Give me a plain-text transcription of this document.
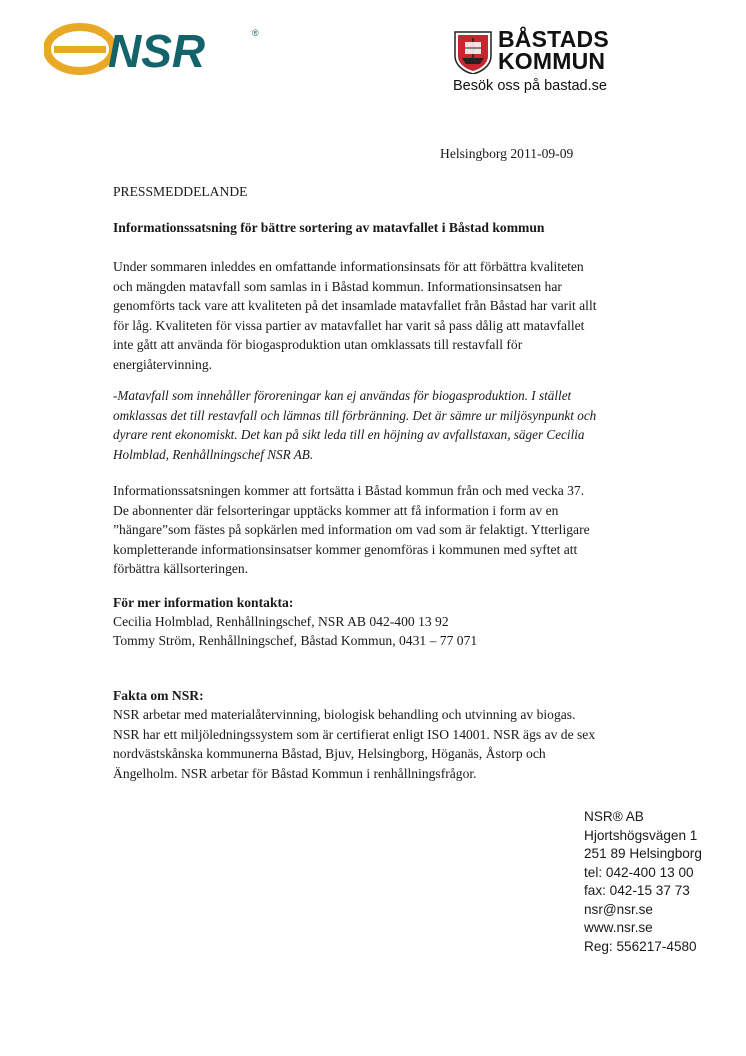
NSR	®	BÅSTADS
KOMMUN
Besök oss på bastad.se
Helsingborg 2011-09-09
PRESSMEDDELANDE
Informationssatsning för bättre sortering av matavfallet i Båstad kommun

Under sommaren inleddes en omfattande informationsinsats för att förbättra kvaliteten och mängden matavfall som samlas in i Båstad kommun. Informationsinsatsen har genomförts tack vare att kvaliteten på det insamlade matavfallet från Båstad har varit allt för låg. Kvaliteten för vissa partier av matavfallet har varit så pass dålig att matavfallet inte gått att använda för biogasproduktion utan omklassats till restavfall för energiåtervinning.

-Matavfall som innehåller föroreningar kan ej användas för biogasproduktion. I stället omklassas det till restavfall och lämnas till förbränning. Det är sämre ur miljösynpunkt och dyrare rent ekonomiskt. Det kan på sikt leda till en höjning av avfallstaxan, säger Cecilia Holmblad, Renhållningschef NSR AB.

Informationssatsningen kommer att fortsätta i Båstad kommun från och med vecka 37. De abonnenter där felsorteringar upptäcks kommer att få information i form av en ”hängare”som fästes på sopkärlen med information om vad som är felaktigt. Ytterligare kompletterande informationsinsatser kommer genomföras i kommunen med syftet att förbättra källsorteringen.

För mer information kontakta:
Cecilia Holmblad, Renhållningschef, NSR AB 042-400 13 92
Tommy Ström, Renhållningschef, Båstad Kommun, 0431 – 77 071
Fakta om NSR:

NSR arbetar med materialåtervinning, biologisk behandling och utvinning av biogas. NSR har ett miljöledningssystem som är certifierat enligt ISO 14001. NSR ägs av de sex nordvästskånska kommunerna Båstad, Bjuv, Helsingborg, Höganäs, Åstorp och Ängelholm. NSR arbetar för Båstad Kommun i renhållningsfrågor.

NSR® AB
Hjortshögsvägen 1
251 89 Helsingborg
tel: 042-400 13 00
fax: 042-15 37 73
nsr@nsr.se
www.nsr.se
Reg: 556217-4580
